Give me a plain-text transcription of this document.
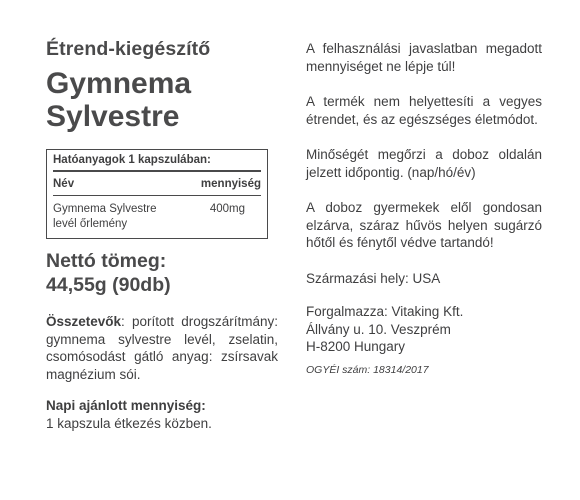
Étrend-kiegészítő
Gymnema
Sylvestre
Hatóanyagok 1 kapszulában:
Név	mennyiség
Gymnema Sylvestre
levél őrlemény
400mg
Nettó tömeg:
44,55g (90db)
Összetevők: porított drogszárítmány: gymnema sylvestre levél, zselatin, csomósodást gátló anyag: zsírsavak magnézium sói.
Napi ajánlott mennyiség:
1 kapszula étkezés közben.

A felhasználási javaslatban megadott mennyiséget ne lépje túl!

A termék nem helyettesíti a vegyes étrendet, és az egészséges életmódot.

Minőségét megőrzi a doboz oldalán jelzett időpontig. (nap/hó/év)

A doboz gyermekek elől gondosan elzárva, száraz hűvös helyen sugárzó hőtől és fénytől védve tartandó!

Származási hely: USA
Forgalmazza: Vitaking Kft.
Állvány u. 10. Veszprém
H-8200 Hungary
OGYÉI szám: 18314/2017
